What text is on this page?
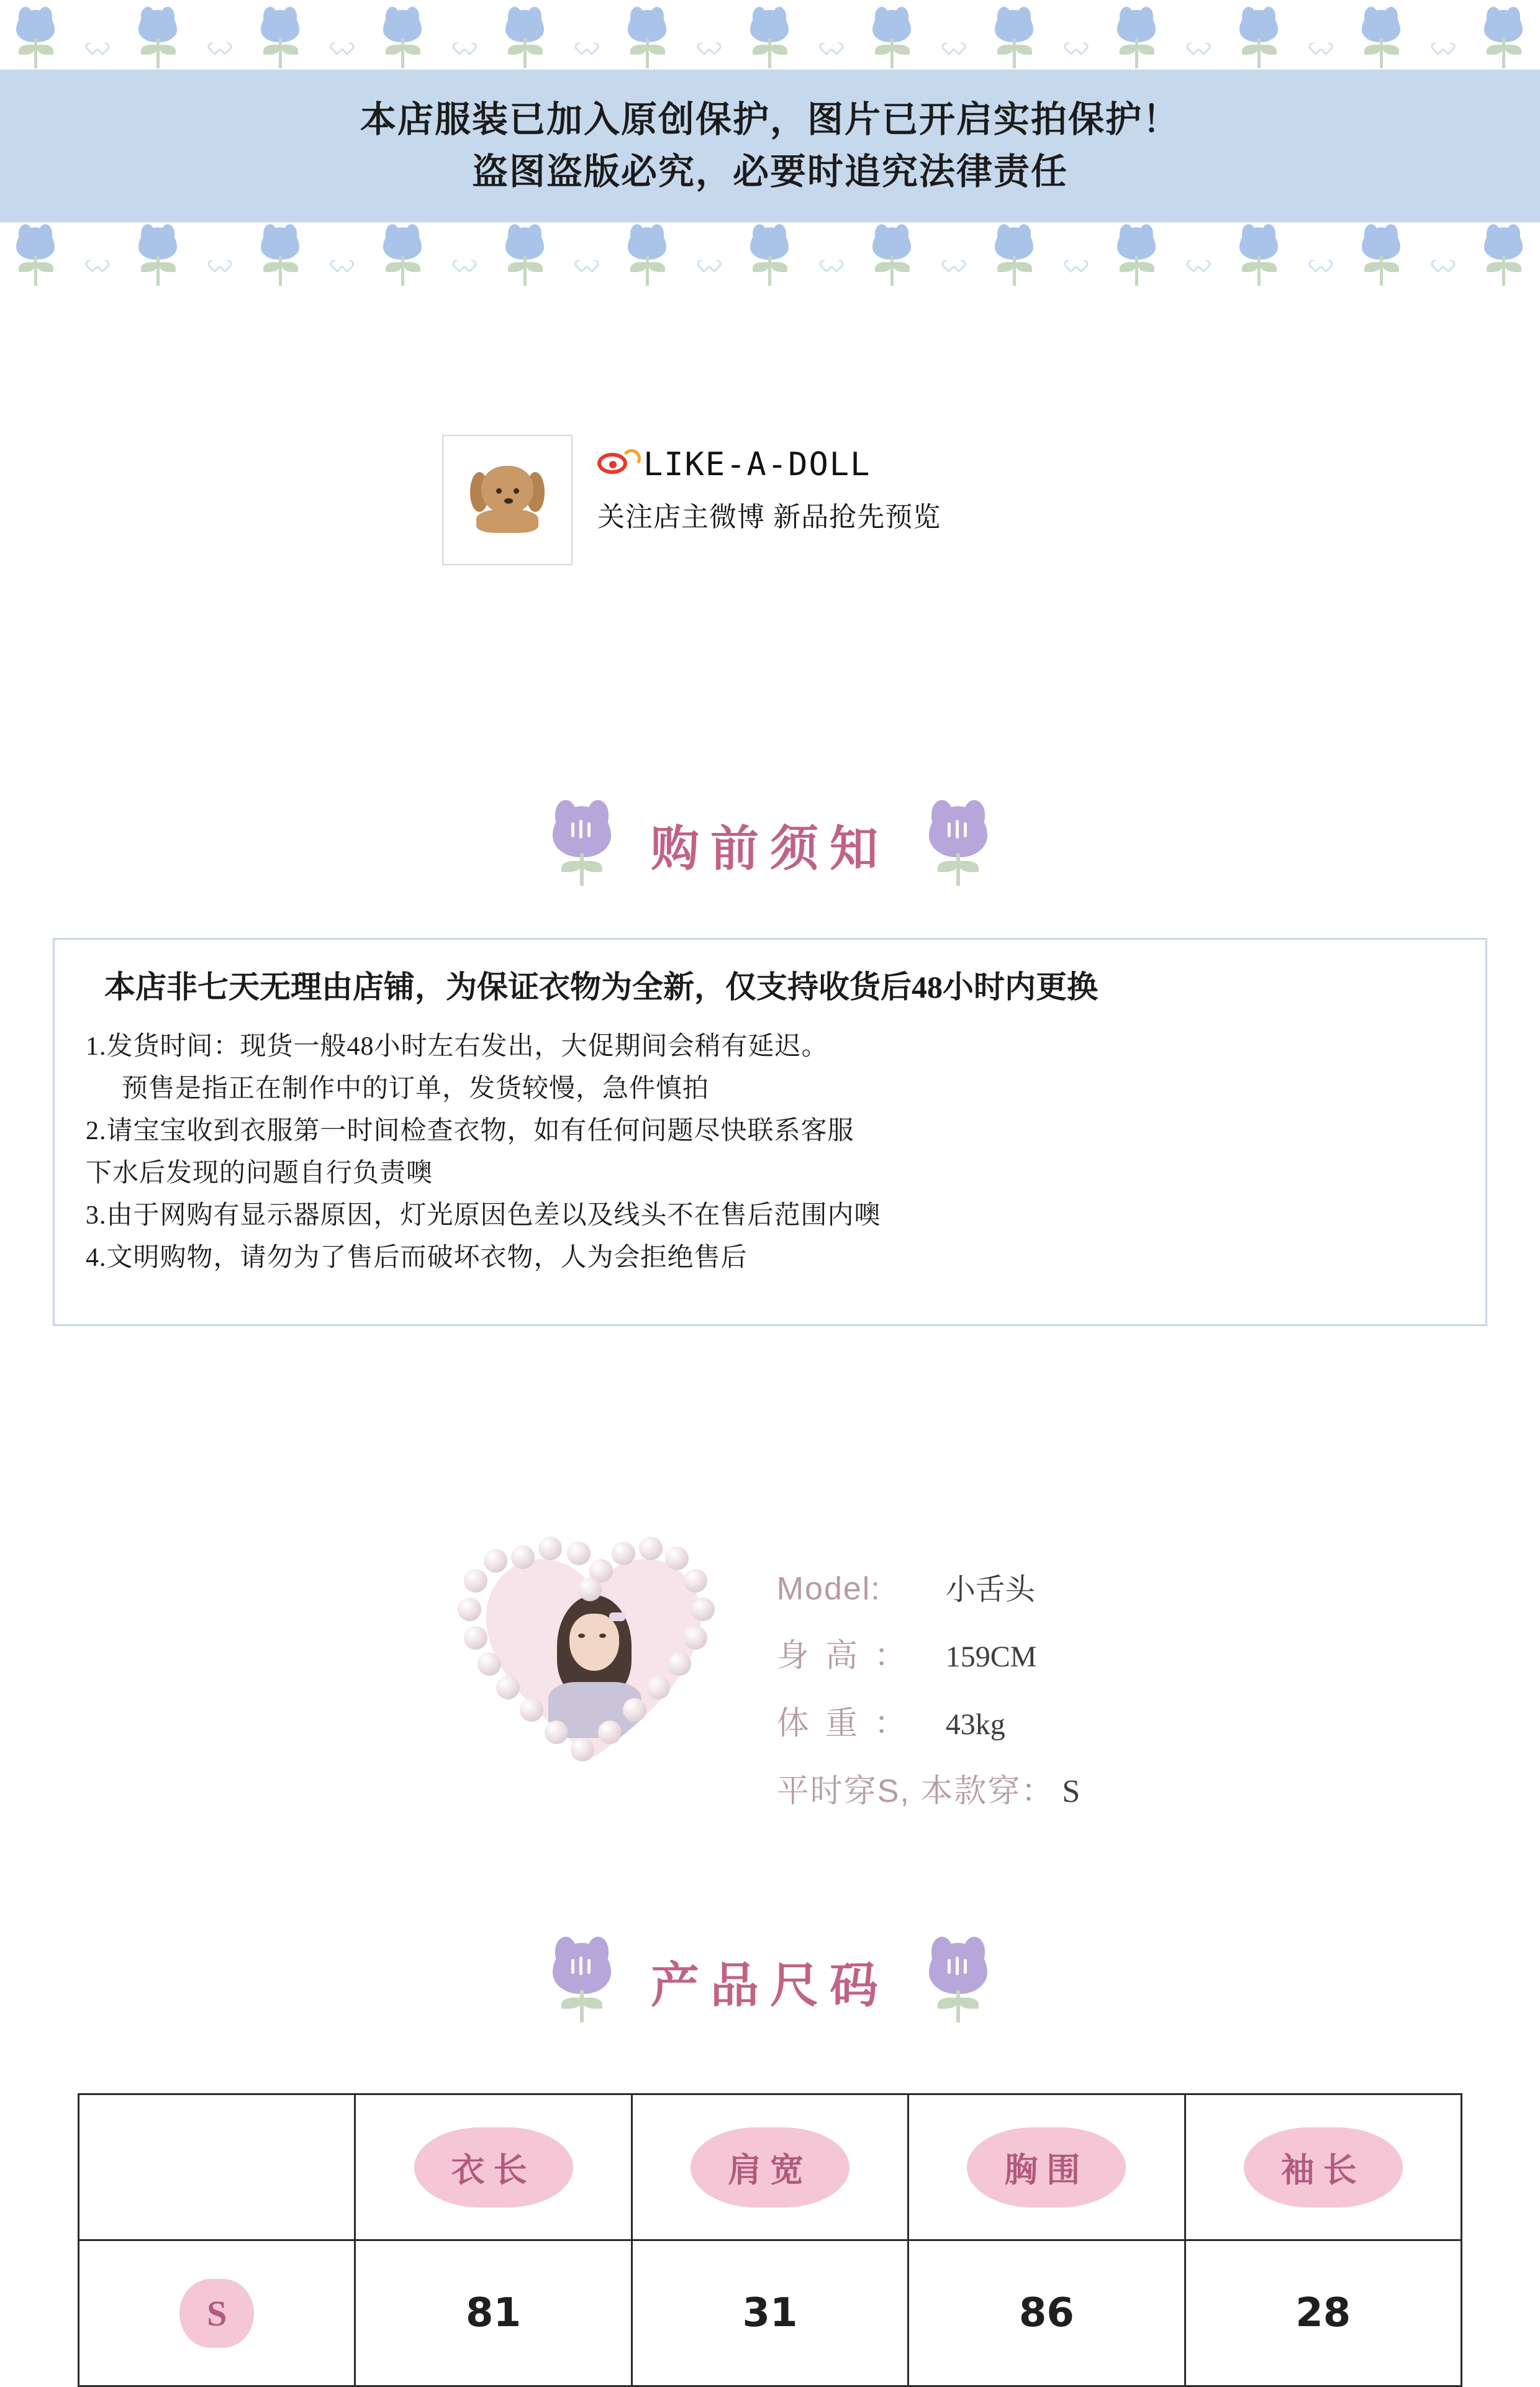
本店服装已加入原创保护，图片已开启实拍保护！
盗图盗版必究，必要时追究法律责任
LIKE-A-DOLL
关注店主微博 新品抢先预览
购前须知
本店非七天无理由店铺，为保证衣物为全新，仅支持收货后48小时内更换
1.发货时间：现货一般48小时左右发出，大促期间会稍有延迟。
预售是指正在制作中的订单，发货较慢，急件慎拍
2.请宝宝收到衣服第一时间检查衣物，如有任何问题尽快联系客服
下水后发现的问题自行负责噢
3.由于网购有显示器原因，灯光原因色差以及线头不在售后范围内噢
4.文明购物，请勿为了售后而破坏衣物，人为会拒绝售后
Model:	小舌头
身 高 ：	159CM
体 重 ：	43kg
平时穿S, 本款穿： S
产品尺码
	衣长	肩宽	胸围	袖长
S	81	31	86	28
